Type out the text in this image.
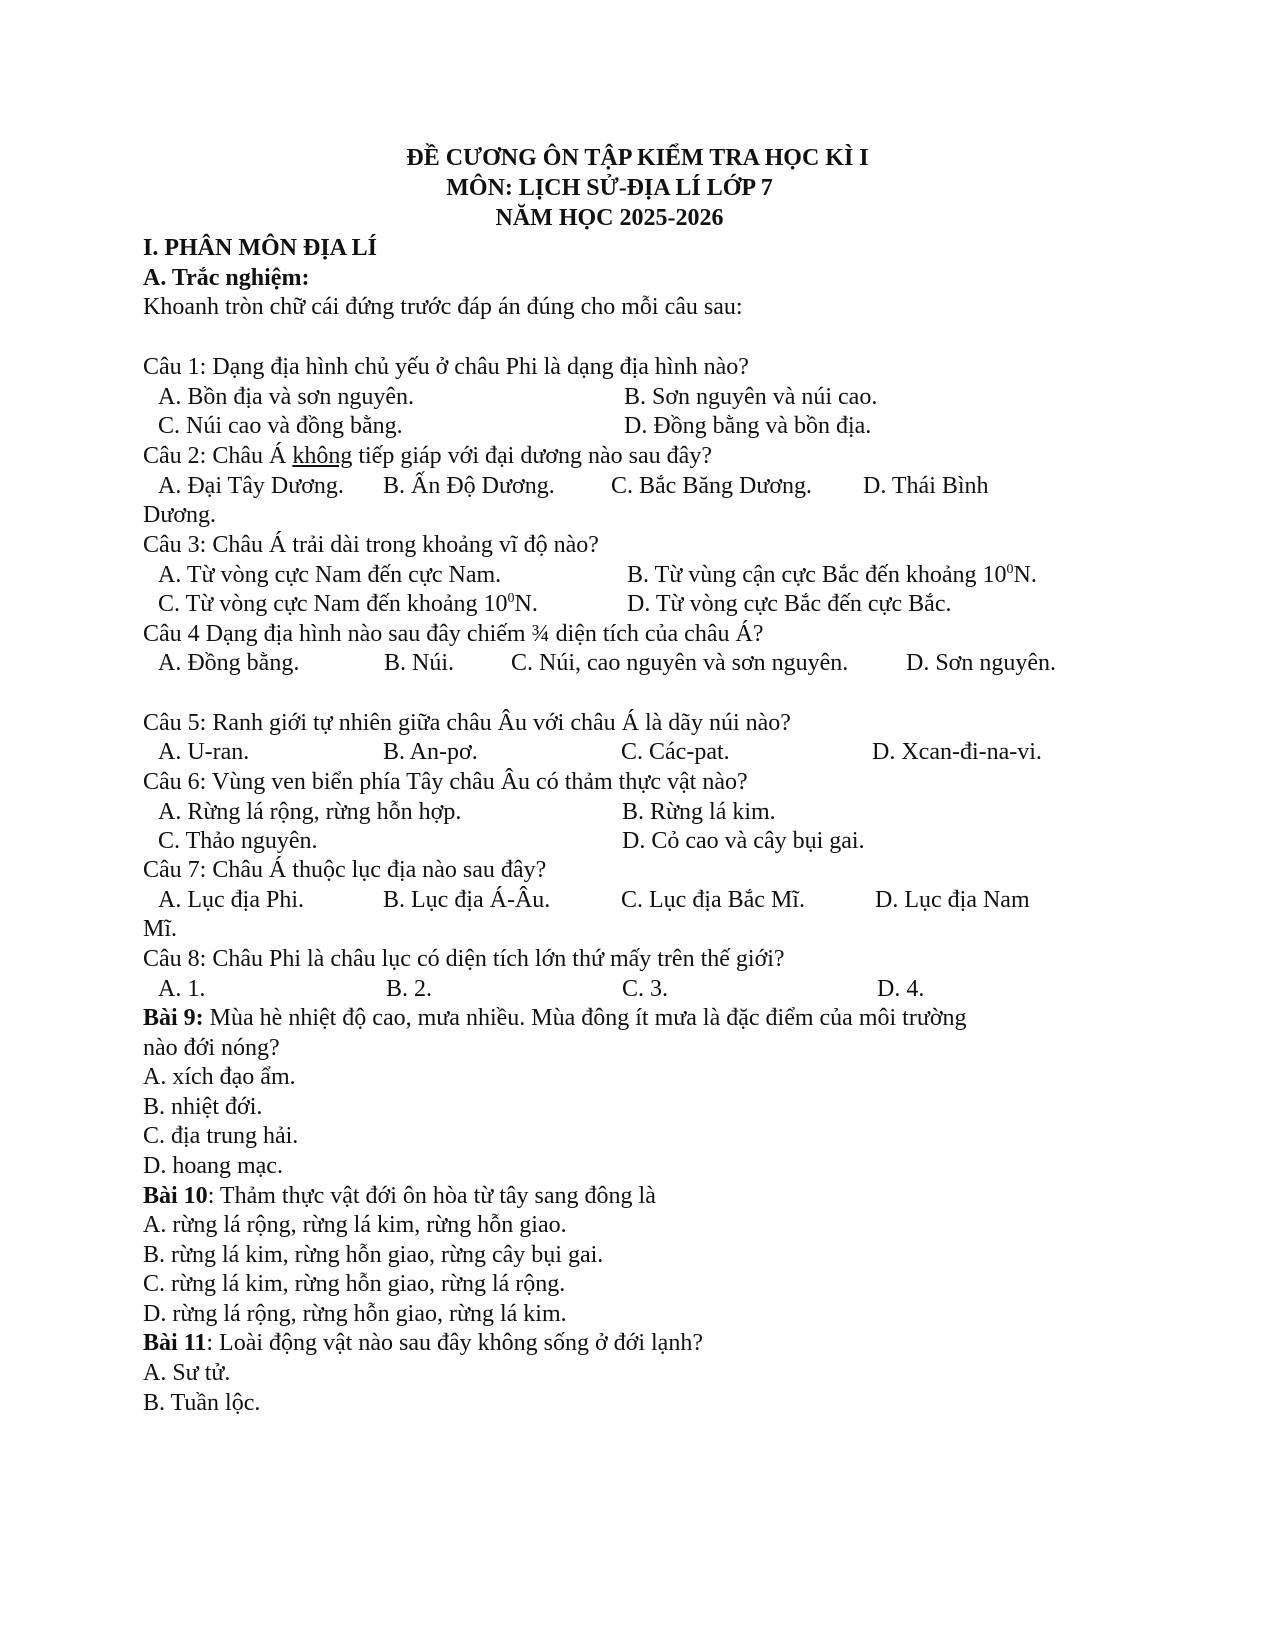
ĐỀ CƯƠNG ÔN TẬP KIỂM TRA HỌC KÌ I
MÔN: LỊCH SỬ-ĐỊA LÍ LỚP 7
NĂM HỌC 2025-2026
I. PHÂN MÔN ĐỊA LÍ
A. Trắc nghiệm:
Khoanh tròn chữ cái đứng trước đáp án đúng cho mỗi câu sau:
Câu 1: Dạng địa hình chủ yếu ở châu Phi là dạng địa hình nào?
A. Bồn địa và sơn nguyên.	B. Sơn nguyên và núi cao.
C. Núi cao và đồng bằng.	D. Đồng bằng và bồn địa.
Câu 2: Châu Á không tiếp giáp với đại dương nào sau đây?
A. Đại Tây Dương. B. Ấn Độ Dương. C. Bắc Băng Dương. D. Thái Bình
Dương.
Câu 3: Châu Á trải dài trong khoảng vĩ độ nào?
A. Từ vòng cực Nam đến cực Nam.	B. Từ vùng cận cực Bắc đến khoảng $10^0N$.
C. Từ vòng cực Nam đến khoảng $10^0N$.	D. Từ vòng cực Bắc đến cực Bắc.
Câu 4 Dạng địa hình nào sau đây chiếm ¾ diện tích của châu Á?
A. Đồng bằng.	B. Núi. C. Núi, cao nguyên và sơn nguyên. D. Sơn nguyên.
Câu 5: Ranh giới tự nhiên giữa châu Âu với châu Á là dãy núi nào?
A. U-ran.	B. An-pơ.	C. Các-pat.	D. Xcan-đi-na-vi.
Câu 6: Vùng ven biển phía Tây châu Âu có thảm thực vật nào?
A. Rừng lá rộng, rừng hỗn hợp.	B. Rừng lá kim.
C. Thảo nguyên.	D. Cỏ cao và cây bụi gai.
Câu 7: Châu Á thuộc lục địa nào sau đây?
A. Lục địa Phi.	B. Lục địa Á-Âu.	C. Lục địa Bắc Mĩ.	D. Lục địa Nam
Mĩ.
Câu 8: Châu Phi là châu lục có diện tích lớn thứ mấy trên thế giới?
A. 1.	B. 2.	C. 3.	D. 4.
Bài 9: Mùa hè nhiệt độ cao, mưa nhiều. Mùa đông ít mưa là đặc điểm của môi trường
nào đới nóng?
A. xích đạo ẩm.
B. nhiệt đới.
C. địa trung hải.
D. hoang mạc.
Bài 10: Thảm thực vật đới ôn hòa từ tây sang đông là
A. rừng lá rộng, rừng lá kim, rừng hỗn giao.
B. rừng lá kim, rừng hỗn giao, rừng cây bụi gai.
C. rừng lá kim, rừng hỗn giao, rừng lá rộng.
D. rừng lá rộng, rừng hỗn giao, rừng lá kim.
Bài 11: Loài động vật nào sau đây không sống ở đới lạnh?
A. Sư tử.
B. Tuần lộc.
